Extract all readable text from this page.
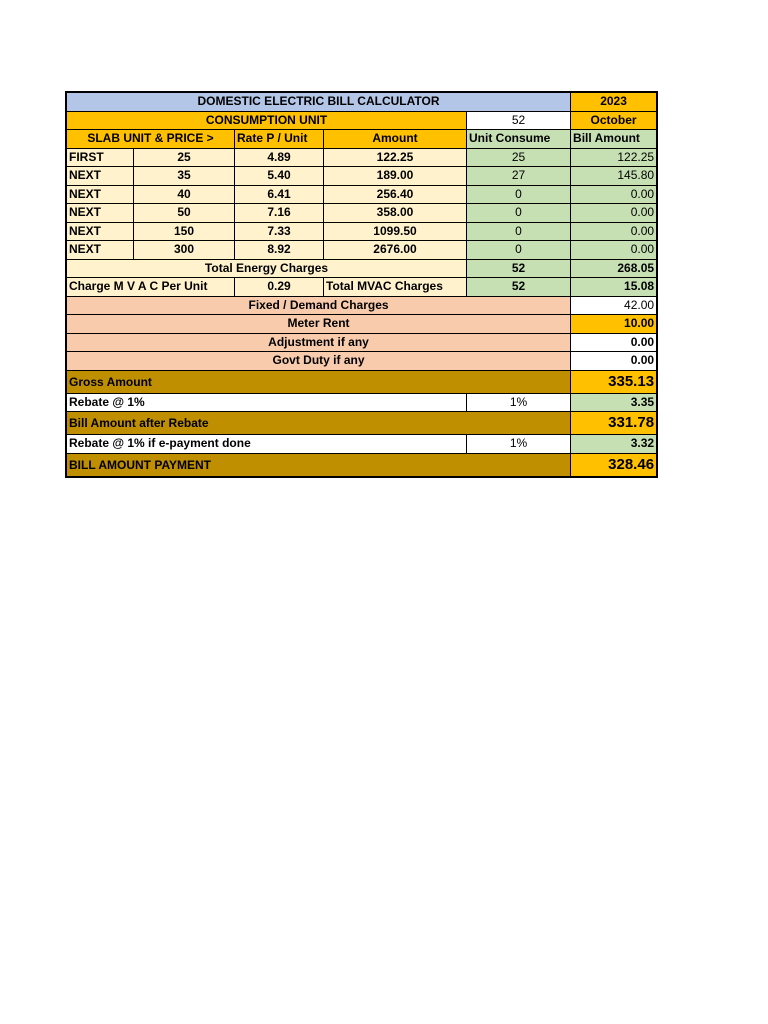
DOMESTIC ELECTRIC BILL CALCULATOR					2023
CONSUMPTION UNIT				52	October
SLAB UNIT & PRICE >		Rate P / Unit	Amount	Unit Consume	Bill Amount
FIRST	25	4.89	122.25	25	122.25
NEXT	35	5.40	189.00	27	145.80
NEXT	40	6.41	256.40	0	0.00
NEXT	50	7.16	358.00	0	0.00
NEXT	150	7.33	1099.50	0	0.00
NEXT	300	8.92	2676.00	0	0.00
Total Energy Charges				52	268.05
Charge M V A C Per Unit		0.29	Total MVAC Charges	52	15.08
Fixed / Demand Charges					42.00
Meter Rent					10.00
Adjustment if any					0.00
Govt Duty if any					0.00
Gross Amount					335.13
Rebate @ 1%				1%	3.35
Bill Amount after Rebate					331.78
Rebate @ 1% if e-payment done				1%	3.32
BILL AMOUNT PAYMENT					328.46
